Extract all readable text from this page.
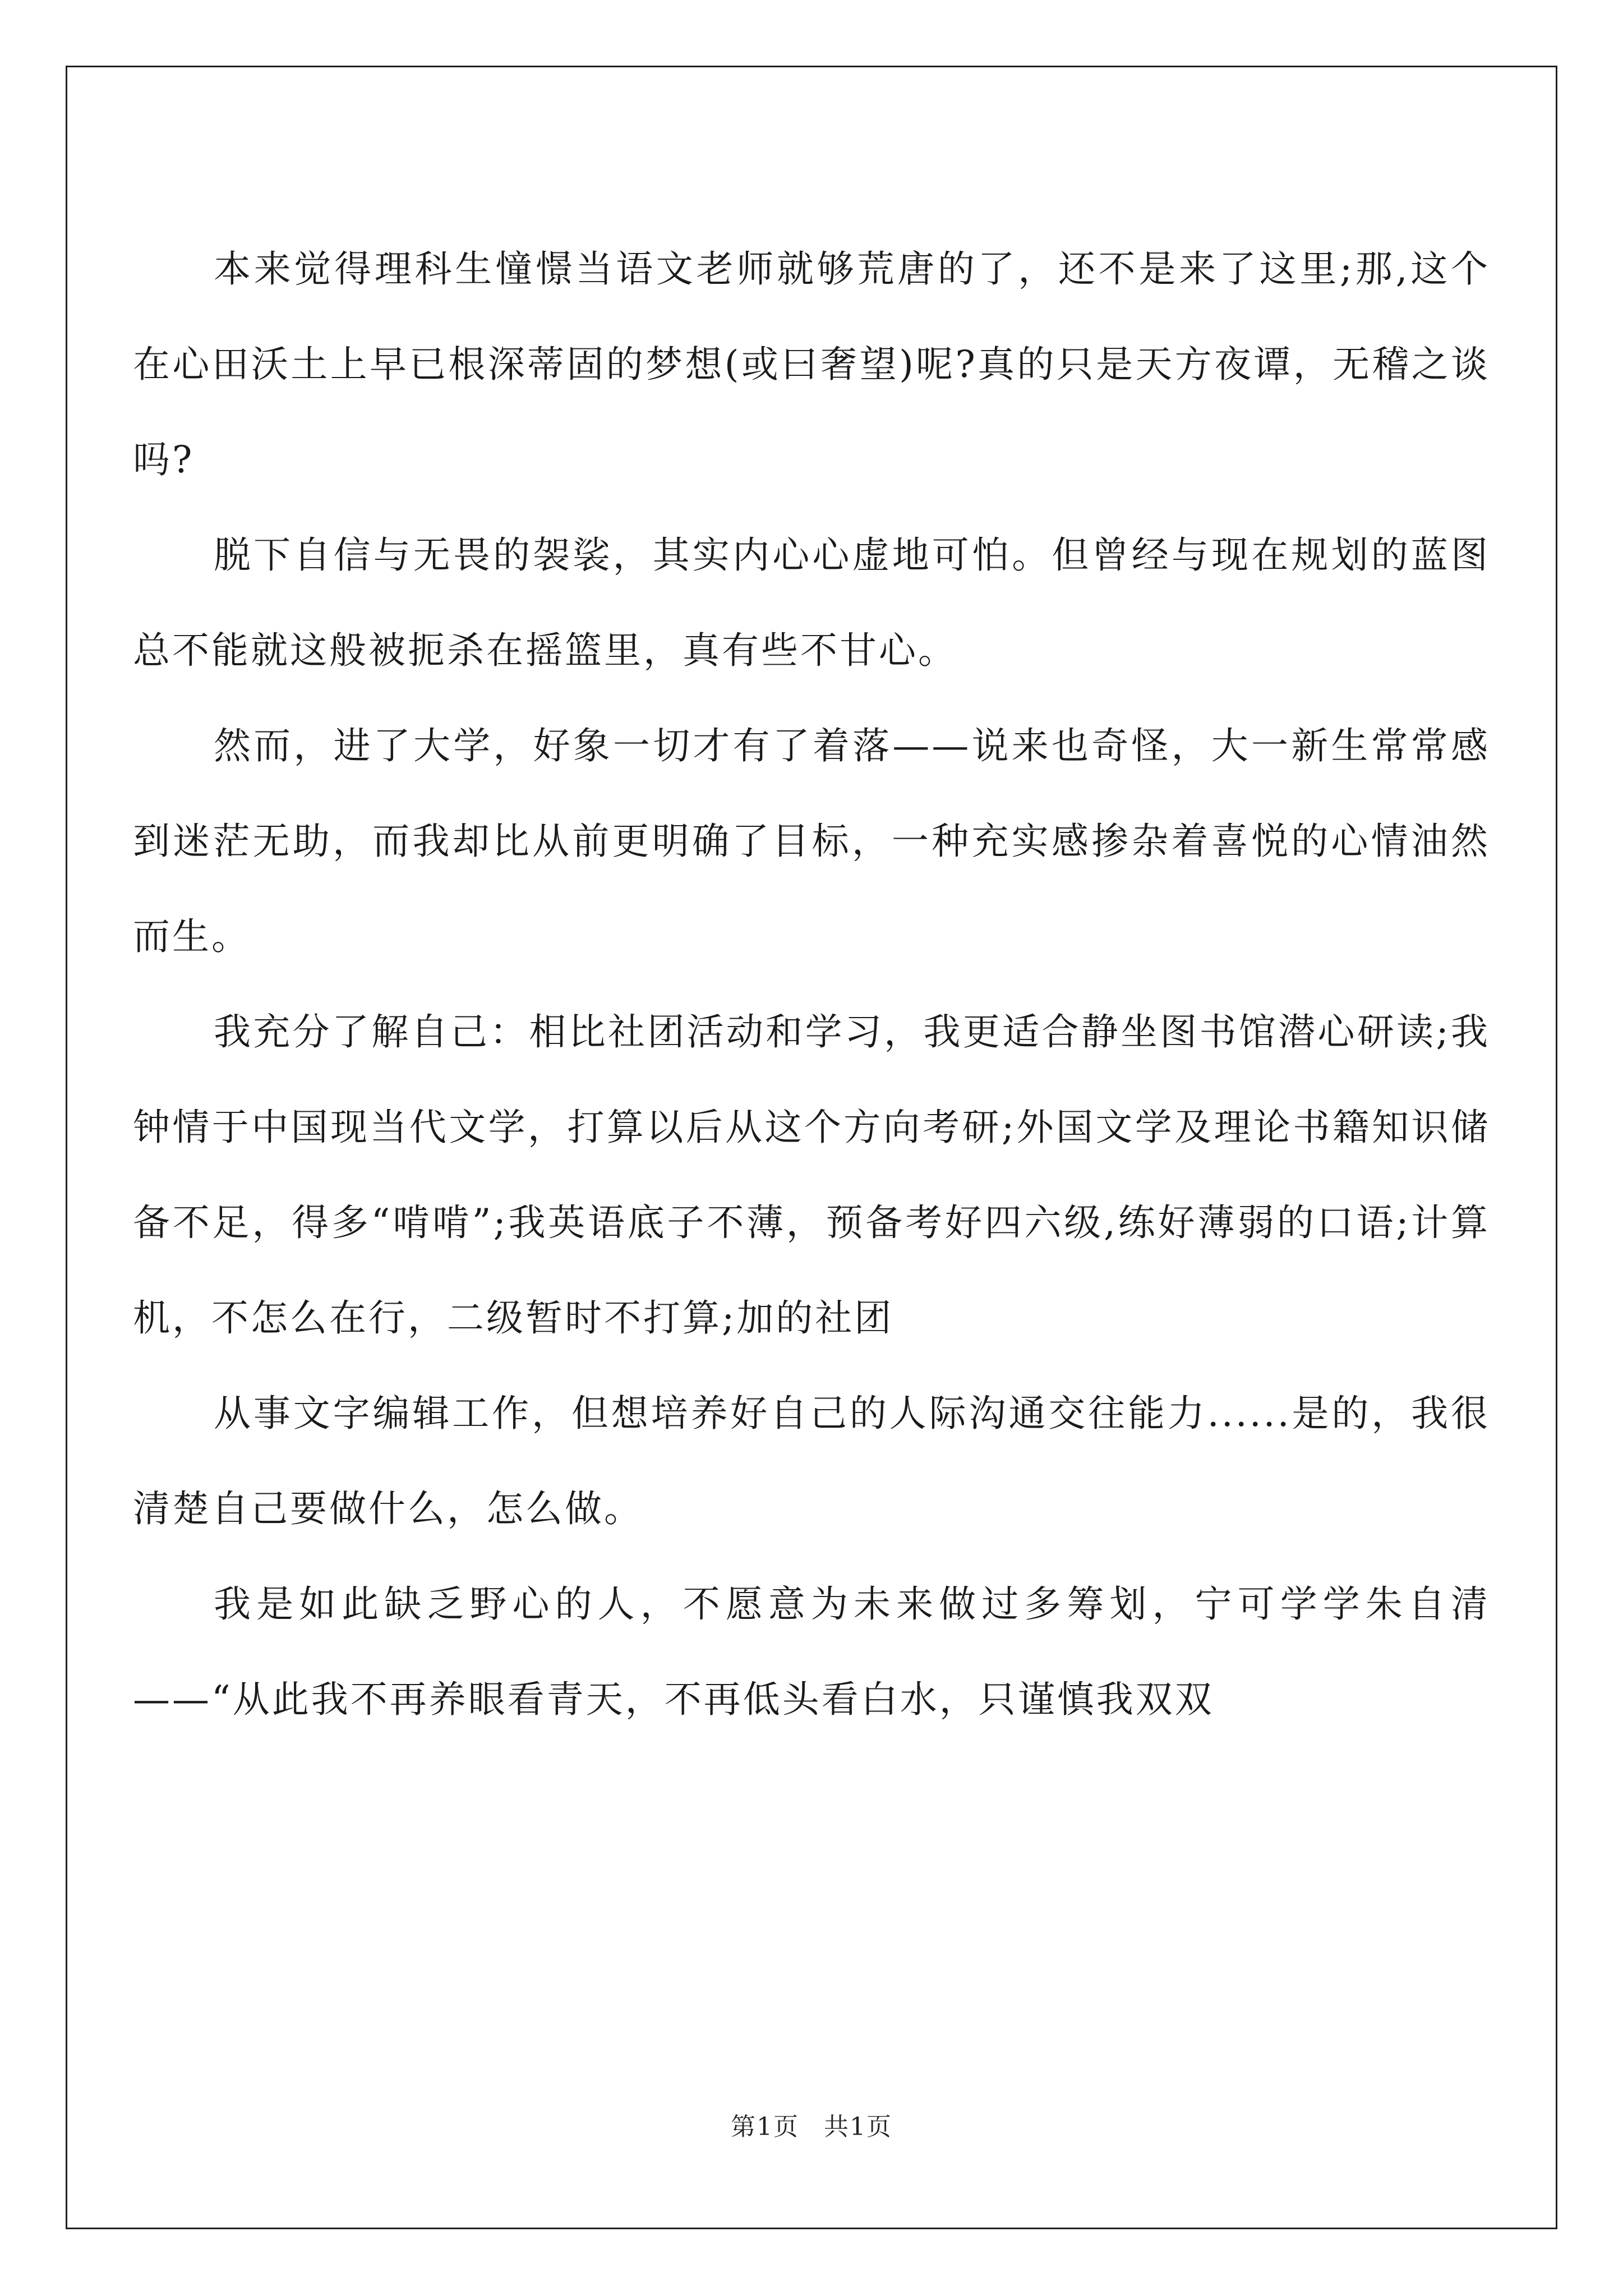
本来觉得理科生憧憬当语文老师就够荒唐的了，还不是来了这里;那,这个在心田沃土上早已根深蒂固的梦想(或曰奢望)呢?真的只是天方夜谭，无稽之谈吗?

脱下自信与无畏的袈裟，其实内心心虚地可怕。但曾经与现在规划的蓝图总不能就这般被扼杀在摇篮里，真有些不甘心。

然而，进了大学，好象一切才有了着落——说来也奇怪，大一新生常常感到迷茫无助，而我却比从前更明确了目标，一种充实感掺杂着喜悦的心情油然而生。

我充分了解自己：相比社团活动和学习，我更适合静坐图书馆潜心研读;我钟情于中国现当代文学，打算以后从这个方向考研;外国文学及理论书籍知识储备不足，得多“啃啃”;我英语底子不薄，预备考好四六级,练好薄弱的口语;计算机，不怎么在行，二级暂时不打算;加的社团

从事文字编辑工作，但想培养好自己的人际沟通交往能力......是的，我很清楚自己要做什么，怎么做。

我是如此缺乏野心的人，不愿意为未来做过多筹划，宁可学学朱自清——“从此我不再养眼看青天，不再低头看白水，只谨慎我双双

第1页 共1页
